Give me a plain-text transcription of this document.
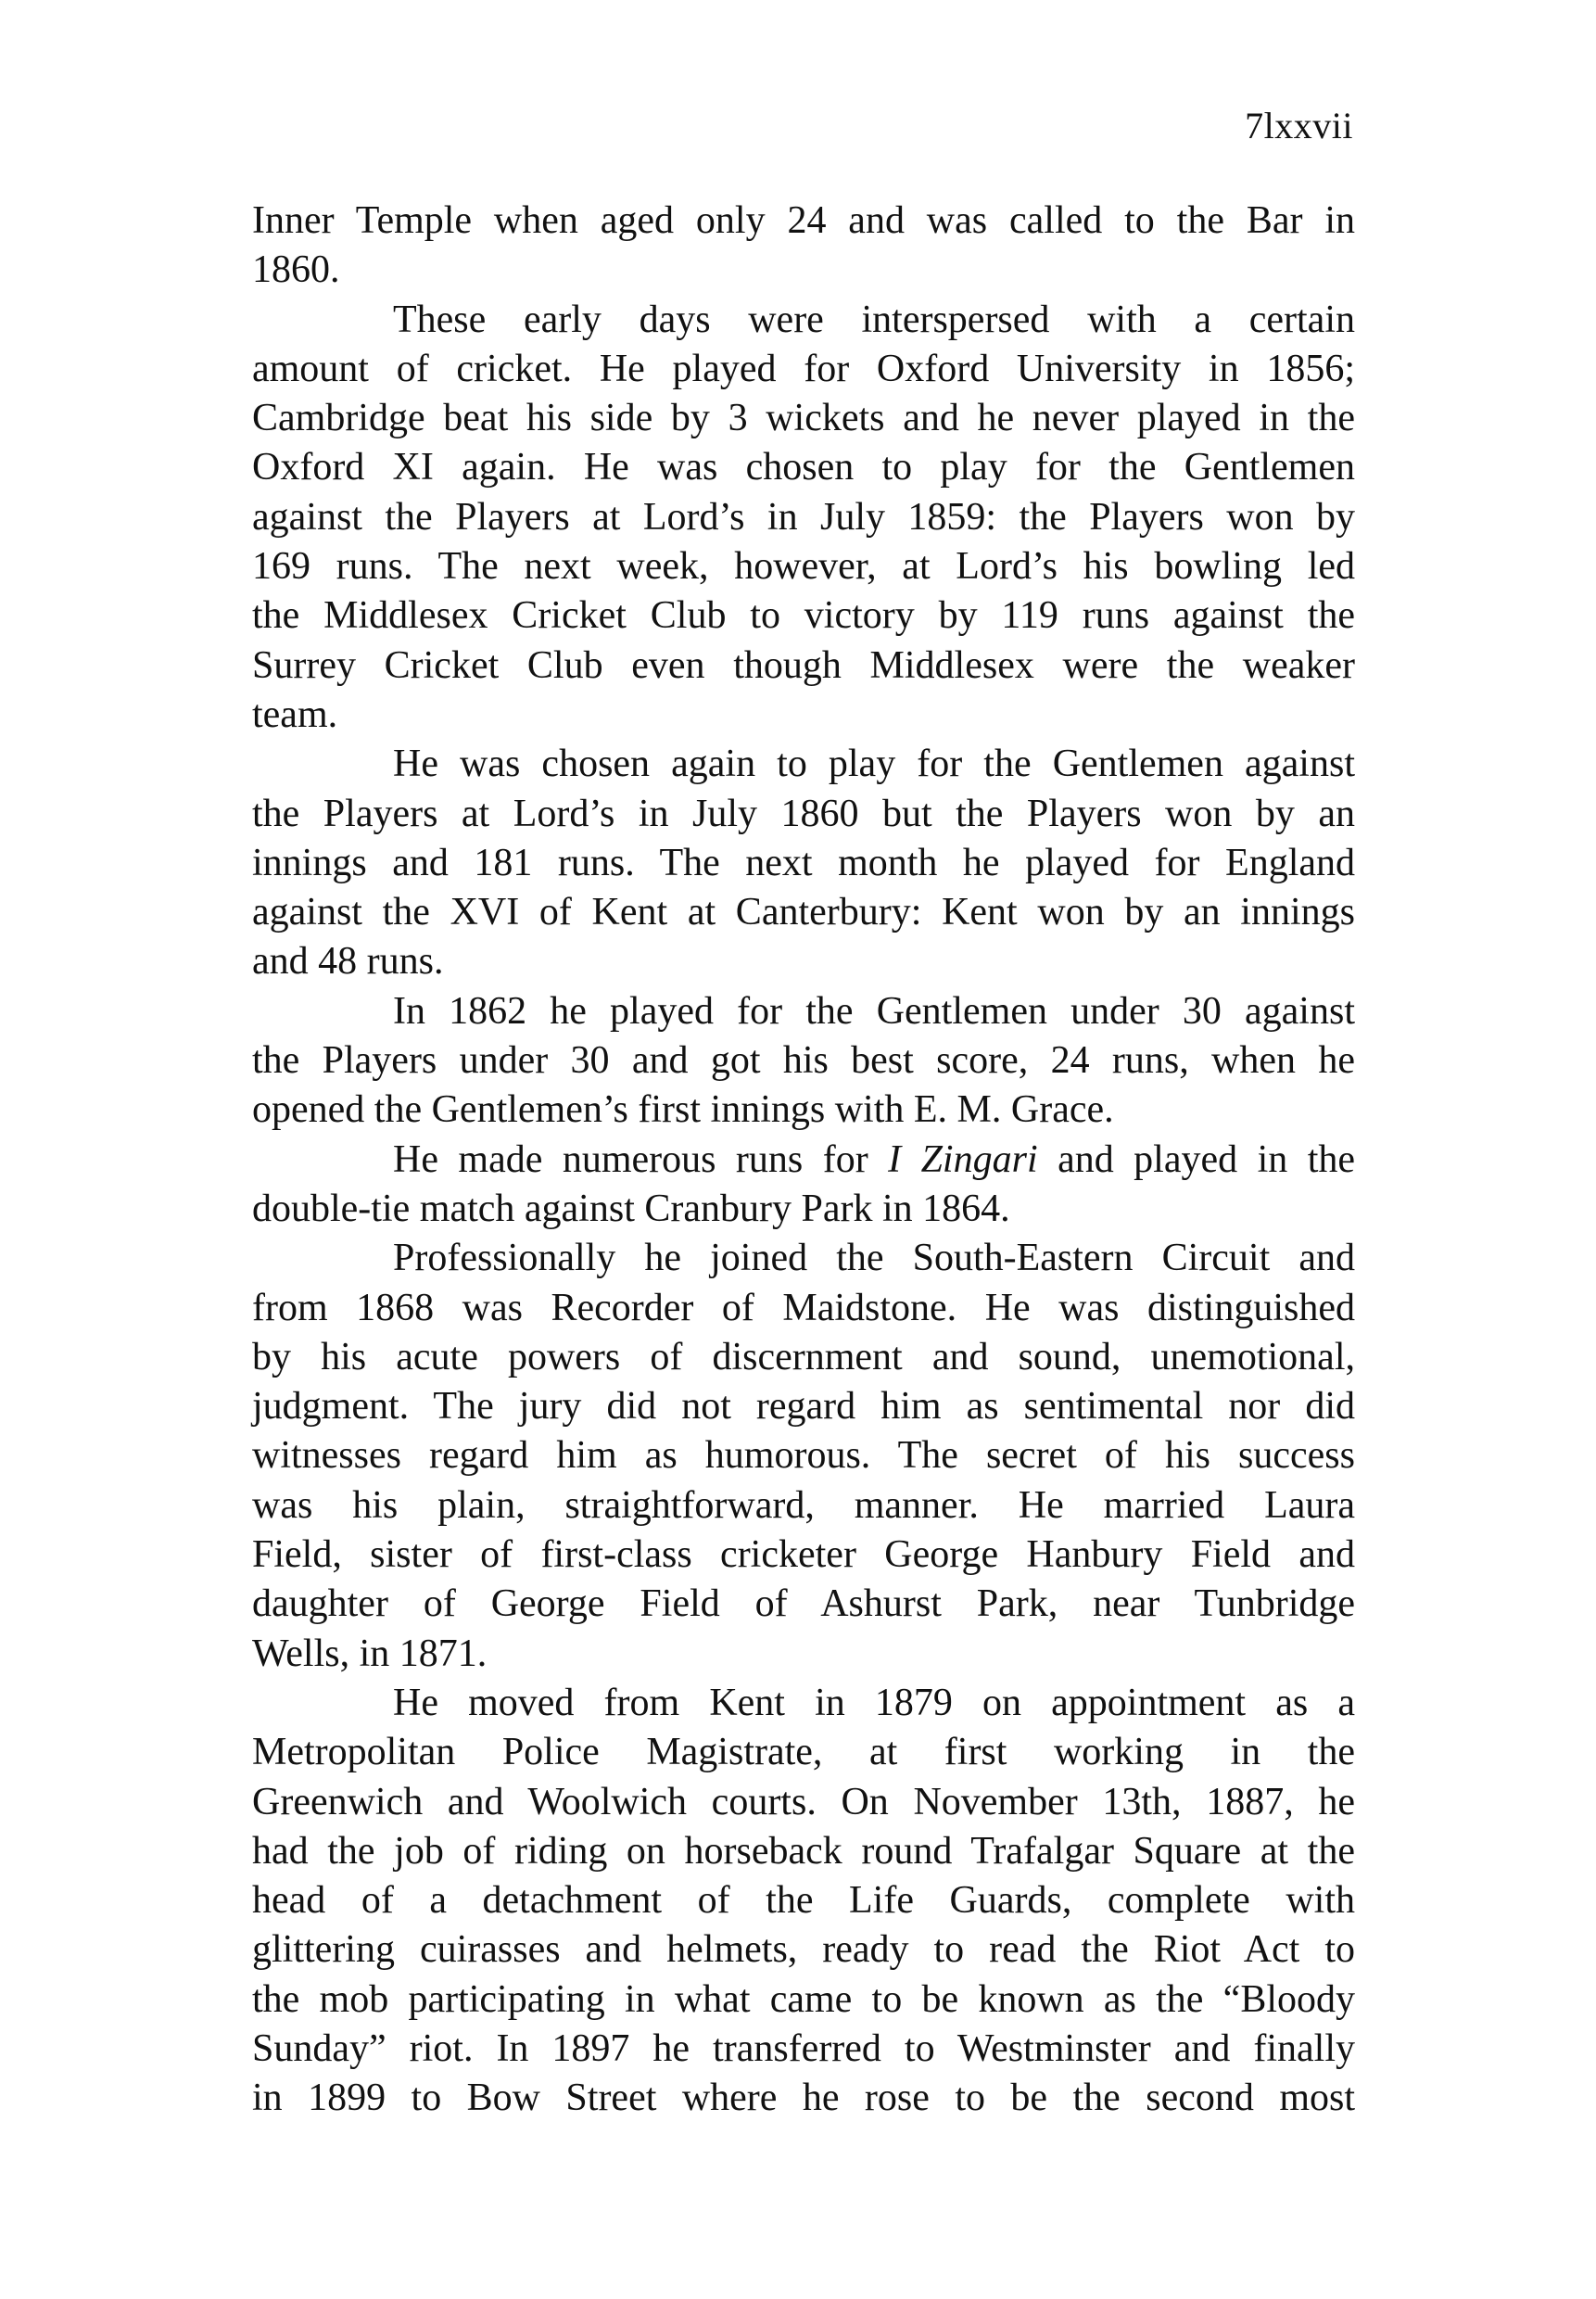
7lxxvii
Inner Temple when aged only 24 and was called to the Bar in
1860.
These early days were interspersed with a certain
amount of cricket. He played for Oxford University in 1856;
Cambridge beat his side by 3 wickets and he never played in the
Oxford XI again. He was chosen to play for the Gentlemen
against the Players at Lord’s in July 1859: the Players won by
169 runs. The next week, however, at Lord’s his bowling led
the Middlesex Cricket Club to victory by 119 runs against the
Surrey Cricket Club even though Middlesex were the weaker
team.
He was chosen again to play for the Gentlemen against
the Players at Lord’s in July 1860 but the Players won by an
innings and 181 runs. The next month he played for England
against the XVI of Kent at Canterbury: Kent won by an innings
and 48 runs.
In 1862 he played for the Gentlemen under 30 against
the Players under 30 and got his best score, 24 runs, when he
opened the Gentlemen’s first innings with E. M. Grace.
He made numerous runs for I Zingari and played in the
double-tie match against Cranbury Park in 1864.
Professionally he joined the South-Eastern Circuit and
from 1868 was Recorder of Maidstone. He was distinguished
by his acute powers of discernment and sound, unemotional,
judgment. The jury did not regard him as sentimental nor did
witnesses regard him as humorous. The secret of his success
was his plain, straightforward, manner. He married Laura
Field, sister of first-class cricketer George Hanbury Field and
daughter of George Field of Ashurst Park, near Tunbridge
Wells, in 1871.
He moved from Kent in 1879 on appointment as a
Metropolitan Police Magistrate, at first working in the
Greenwich and Woolwich courts. On November 13th, 1887, he
had the job of riding on horseback round Trafalgar Square at the
head of a detachment of the Life Guards, complete with
glittering cuirasses and helmets, ready to read the Riot Act to
the mob participating in what came to be known as the “Bloody
Sunday” riot. In 1897 he transferred to Westminster and finally
in 1899 to Bow Street where he rose to be the second most
